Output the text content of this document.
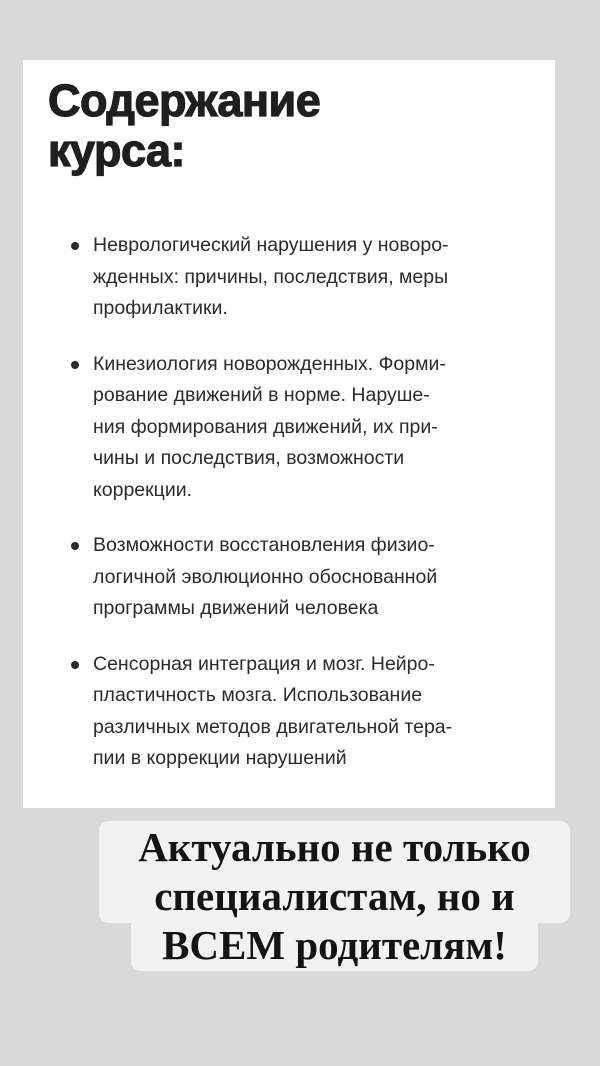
Содержание
курса:
Неврологический нарушения у новоро-
жденных: причины, последствия, меры
профилактики.
Кинезиология новорожденных. Форми-
рование движений в норме. Наруше-
ния формирования движений, их при-
чины и последствия, возможности
коррекции.
Возможности восстановления физио-
логичной эволюционно обоснованной
программы движений человека
Сенсорная интеграция и мозг. Нейро-
пластичность мозга. Использование
различных методов двигательной тера-
пии в коррекции нарушений
Актуально не только
специалистам, но и
ВСЕМ родителям!
